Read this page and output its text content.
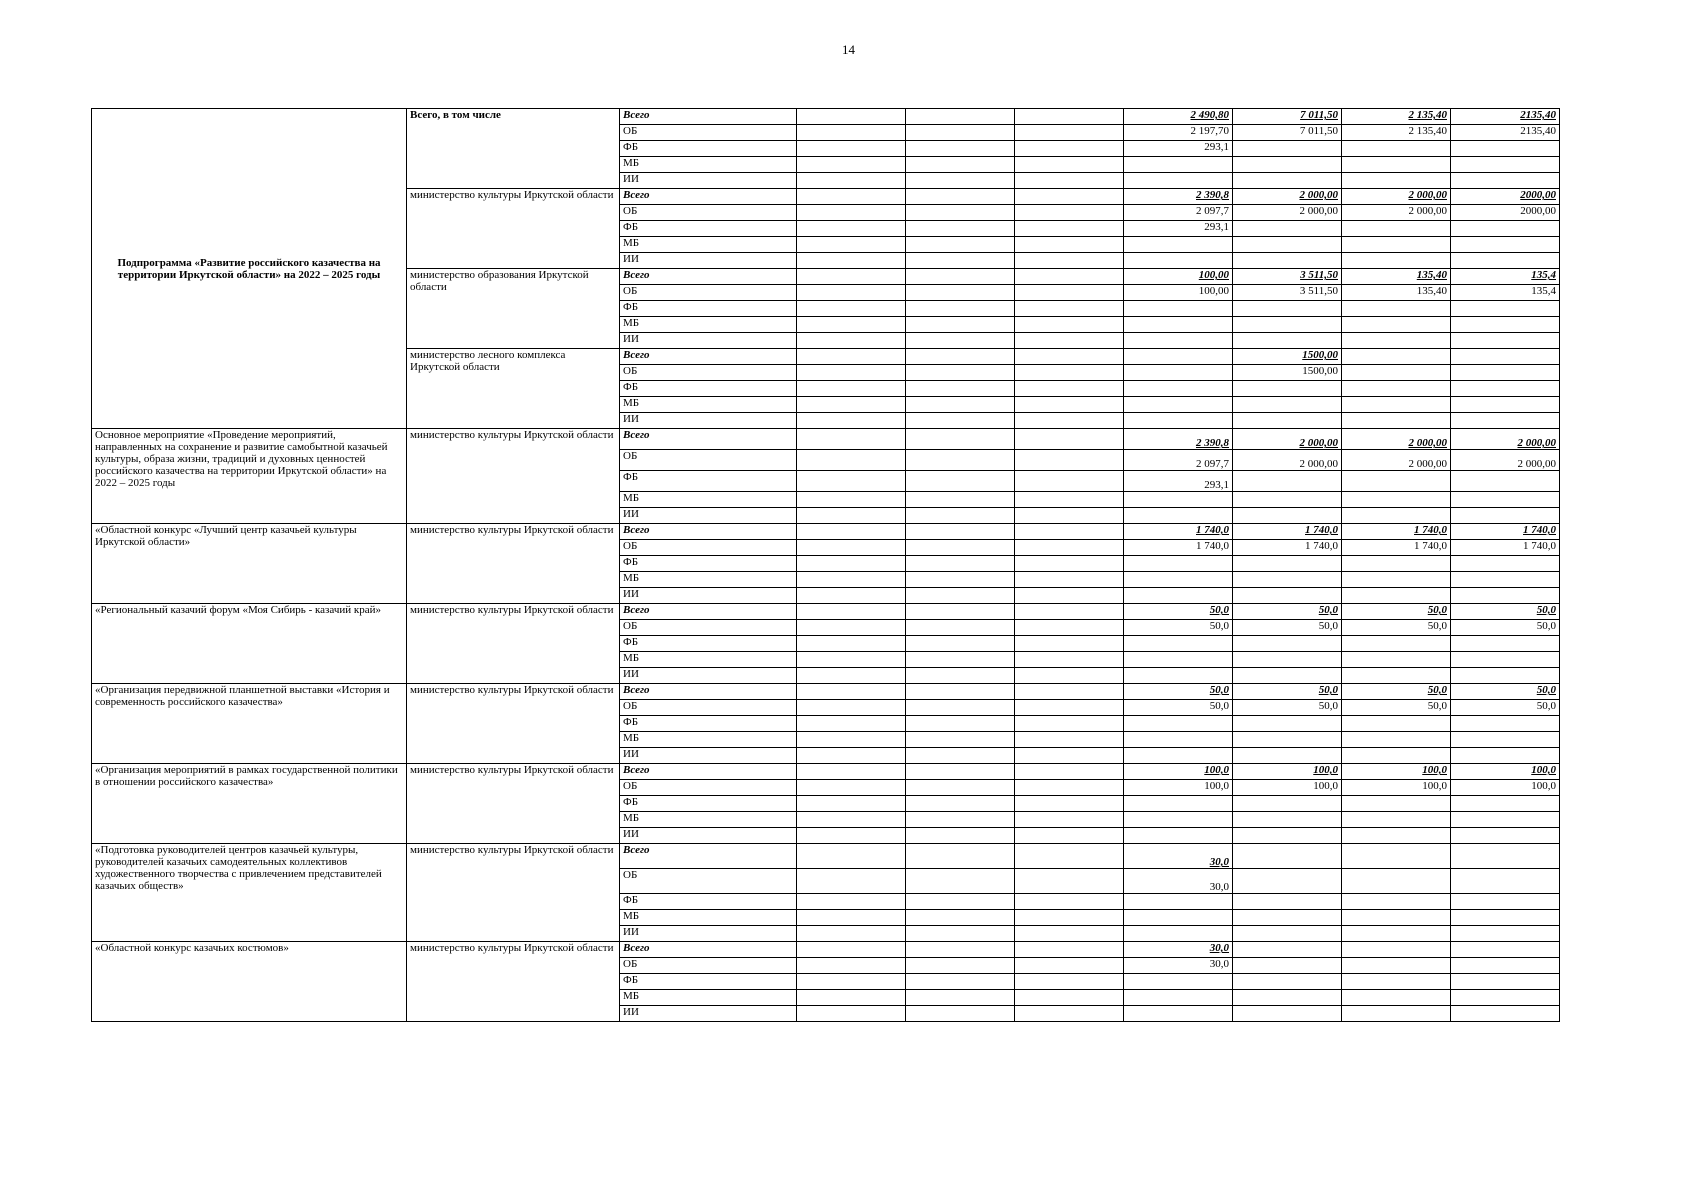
14
Подпрограмма «Развитие российского казачества на территории Иркутской области» на 2022 – 2025 годы	Всего, в том числе	Всего				2 490,80	7 011,50	2 135,40	2135,40
		ОБ				2 197,70	7 011,50	2 135,40	2135,40
		ФБ				293,1			
		МБ							
		ИИ							
	министерство культуры Иркутской области	Всего				2 390,8	2 000,00	2 000,00	2000,00
		ОБ				2 097,7	2 000,00	2 000,00	2000,00
		ФБ				293,1			
		МБ							
		ИИ							
	министерство образования Иркутской области	Всего				100,00	3 511,50	135,40	135,4
		ОБ				100,00	3 511,50	135,40	135,4
		ФБ							
		МБ							
		ИИ							
	министерство лесного комплекса Иркутской области	Всего					1500,00		
		ОБ					1500,00		
		ФБ							
		МБ							
		ИИ							
Основное мероприятие «Проведение мероприятий, направленных на сохранение и развитие самобытной казачьей культуры, образа жизни, традиций и духовных ценностей российского казачества на территории Иркутской области» на 2022 – 2025 годы	министерство культуры Иркутской области	Всего				2 390,8	2 000,00	2 000,00	2 000,00
		ОБ				2 097,7	2 000,00	2 000,00	2 000,00
		ФБ				293,1			
		МБ							
		ИИ							
«Областной конкурс «Лучший центр казачьей культуры Иркутской области»	министерство культуры Иркутской области	Всего				1 740,0	1 740,0	1 740,0	1 740,0
		ОБ				1 740,0	1 740,0	1 740,0	1 740,0
		ФБ							
		МБ							
		ИИ							
«Региональный казачий форум «Моя Сибирь - казачий край»	министерство культуры Иркутской области	Всего				50,0	50,0	50,0	50,0
		ОБ				50,0	50,0	50,0	50,0
		ФБ							
		МБ							
		ИИ							
«Организация передвижной планшетной выставки «История и современность российского казачества»	министерство культуры Иркутской области	Всего				50,0	50,0	50,0	50,0
		ОБ				50,0	50,0	50,0	50,0
		ФБ							
		МБ							
		ИИ							
«Организация мероприятий в рамках государственной политики в отношении российского казачества»	министерство культуры Иркутской области	Всего				100,0	100,0	100,0	100,0
		ОБ				100,0	100,0	100,0	100,0
		ФБ							
		МБ							
		ИИ							
«Подготовка руководителей центров казачьей культуры, руководителей казачьих самодеятельных коллективов художественного творчества с привлечением представителей казачьих обществ»	министерство культуры Иркутской области	Всего				30,0			
		ОБ				30,0			
		ФБ							
		МБ							
		ИИ							
«Областной конкурс казачьих костюмов»	министерство культуры Иркутской области	Всего				30,0			
		ОБ				30,0			
		ФБ							
		МБ							
		ИИ							
